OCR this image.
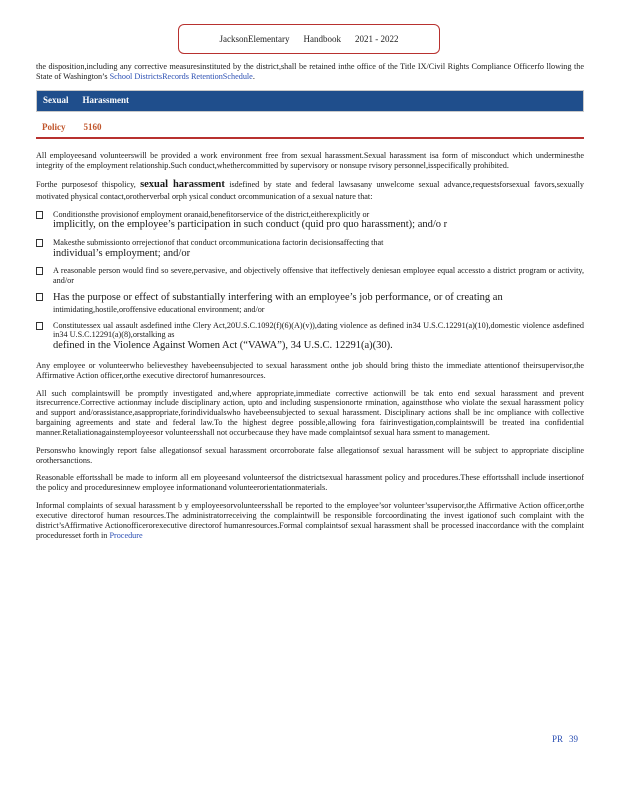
JacksonElementary Handbook 2021 - 2022

the disposition,including any corrective measuresinstituted by the district,shall be retained inthe office of the Title IX/Civil Rights Compliance Officerfo llowing the State of Washington’s School DistrictsRecords RetentionSchedule.

Sexual Harassment
Policy 5160

All employeesand volunteerswill be provided a work environment free from sexual harassment.Sexual harassment isa form of misconduct which underminesthe integrity of the employment relationship.Such conduct,whethercommitted by supervisory or nonsupe rvisory personnel,isspecifically prohibited.

Forthe purposesof thispolicy, sexual harassment isdefined by state and federal lawsasany unwelcome sexual advance,requestsforsexual favors,sexually motivated physical contact,orotherverbal orph ysical conduct orcommunication of a sexual nature that:

Conditionsthe provisionof employment oranaid,benefitorservice of the district,eitherexplicitly or
implicitly, on the employee’s participation in such conduct (quid pro quo harassment); and/o r
Makesthe submissionto orrejectionof that conduct orcommunicationa factorin decisionsaffecting that
individual’s employment; and/or
A reasonable person would find so severe,pervasive, and objectively offensive that iteffectively deniesan employee equal accessto a district program or activity, and/or
Has the purpose or effect of substantially interfering with an employee’s job performance, or of creating an
intimidating,hostile,oroffensive educational environment; and/or
Constitutessex ual assault asdefined inthe Clery Act,20U.S.C.1092(f)(6)(A)(v)),dating violence as defined in34 U.S.C.12291(a)(10),domestic violence asdefined in34 U.S.C.12291(a)(8),orstalking as
defined in the Violence Against Women Act (“VAWA”), 34 U.S.C. 12291(a)(30).

Any employee or volunteerwho believesthey havebeensubjected to sexual harassment onthe job should bring thisto the immediate attentionof theirsupervisor,the Affirmative Action officer,orthe executive directorof humanresources.

All such complaintswill be promptly investigated and,where appropriate,immediate corrective actionwill be tak ento end sexual harassment and prevent itsrecurrence.Corrective actionmay include disciplinary action, upto and including suspensionorte rmination, againstthose who violate the sexual harassment policy and support and/orassistance,asappropriate,forindividualswho havebeensubjected to sexual harassment. Disciplinary actions shall be inc ompliance with collective bargaining agreements and state and federal law.To the highest degree possible,allowing fora fairinvestigation,complaintswill be treated ina confidential manner.Retaliationagainstemployeesor volunteersshall not occurbecause they have made complaintsof sexual hara ssment to management.

Personswho knowingly report false allegationsof sexual harassment orcorroborate false allegationsof sexual harassment will be subject to appropriate discipline orothersanctions.

Reasonable effortsshall be made to inform all em ployeesand volunteersof the districtsexual harassment policy and procedures.These effortsshall include insertionof the policy and proceduresinnew employee informationand volunteerorientationmaterials.

Informal complaints of sexual harassment b y employeesorvolunteersshall be reported to the employee’sor volunteer’ssupervisor,the Affirmative Action officer,orthe executive directorof human resources.The administratorreceiving the complaintwill be responsible forcoordinating the invest igationof such complaint with the district’sAffirmative Actionofficerorexecutive directorof humanresources.Formal complaintsof sexual harassment shall be processed inaccordance with the complaint proceduresset forth in Procedure

PR 39
